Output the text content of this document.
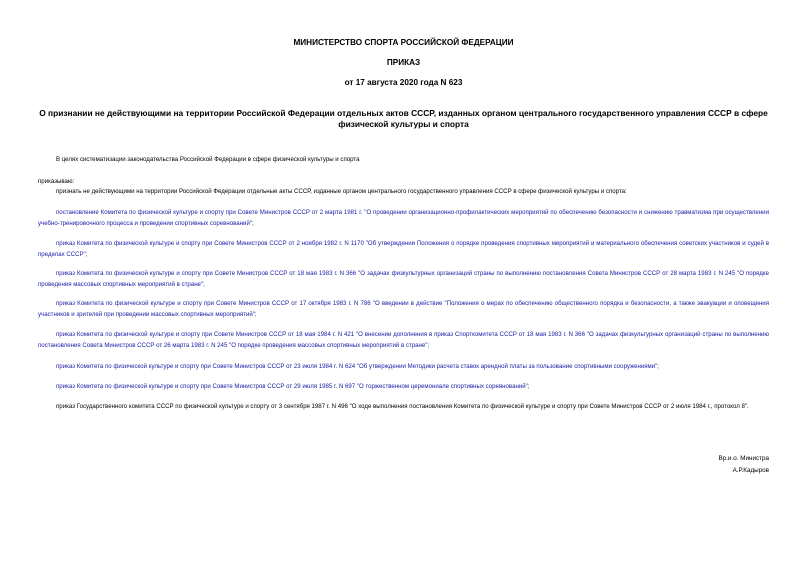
МИНИСТЕРСТВО СПОРТА РОССИЙСКОЙ ФЕДЕРАЦИИ
ПРИКАЗ
от 17 августа 2020 года N 623
О признании не действующими на территории Российской Федерации отдельных актов СССР, изданных органом центрального государственного управления СССР в сфере физической культуры и спорта
В целях систематизации законодательства Российской Федерации в сфере физической культуры и спорта
приказываю:
признать не действующими на территории Российской Федерации отдельные акты СССР, изданные органом центрального государственного управления СССР в сфере физической культуры и спорта:
постановление Комитета по физической культуре и спорту при Совете Министров СССР от 2 марта 1981 г. "О проведении организационно-профилактических мероприятий по обеспечению безопасности и снижению травматизма при осуществлении учебно-тренировочного процесса и проведении спортивных соревнований";
приказ Комитета по физической культуре и спорту при Совете Министров СССР от 2 ноября 1982 г. N 1170 "Об утверждении Положения о порядке проведения спортивных мероприятий и материального обеспечения советских участников и судей в пределах СССР";
приказ Комитета по физической культуре и спорту при Совете Министров СССР от 18 мая 1983 г. N 366 "О задачах физкультурных организаций страны по выполнению постановления Совета Министров СССР от 28 марта 1983 г. N 245 "О порядке проведения массовых спортивных мероприятий в стране";
приказ Комитета по физической культуре и спорту при Совете Министров СССР от 17 октября 1983 г. N 786 "О введении в действие "Положения о мерах по обеспечению общественного порядка и безопасности, а также эвакуации и оповещения участников и зрителей при проведении массовых спортивных мероприятий";
приказ Комитета по физической культуре и спорту при Совете Министров СССР от 18 мая 1984 г. N 421 "О внесении дополнения в приказ Спорткомитета СССР от 18 мая 1983 г. N 366 "О задачах физкультурных организаций страны по выполнению постановления Совета Министров СССР от 26 марта 1983 г. N 245 "О порядке проведения массовых спортивных мероприятий в стране";
приказ Комитета по физической культуре и спорту при Совете Министров СССР от 23 июля 1984 г. N 624 "Об утверждении Методики расчета ставок арендной платы за пользование спортивными сооружениями";
приказ Комитета по физической культуре и спорту при Совете Министров СССР от 29 июля 1985 г. N 697 "О торжественном церемониале спортивных соревнований";
приказ Государственного комитета СССР по физической культуре и спорту от 3 сентября 1987 г. N 496 "О ходе выполнения постановления Комитета по физической культуре и спорту при Совете Министров СССР от 2 июля 1984 г., протокол 8".
Вр.и.о. Министра
А.Р.Кадыров
